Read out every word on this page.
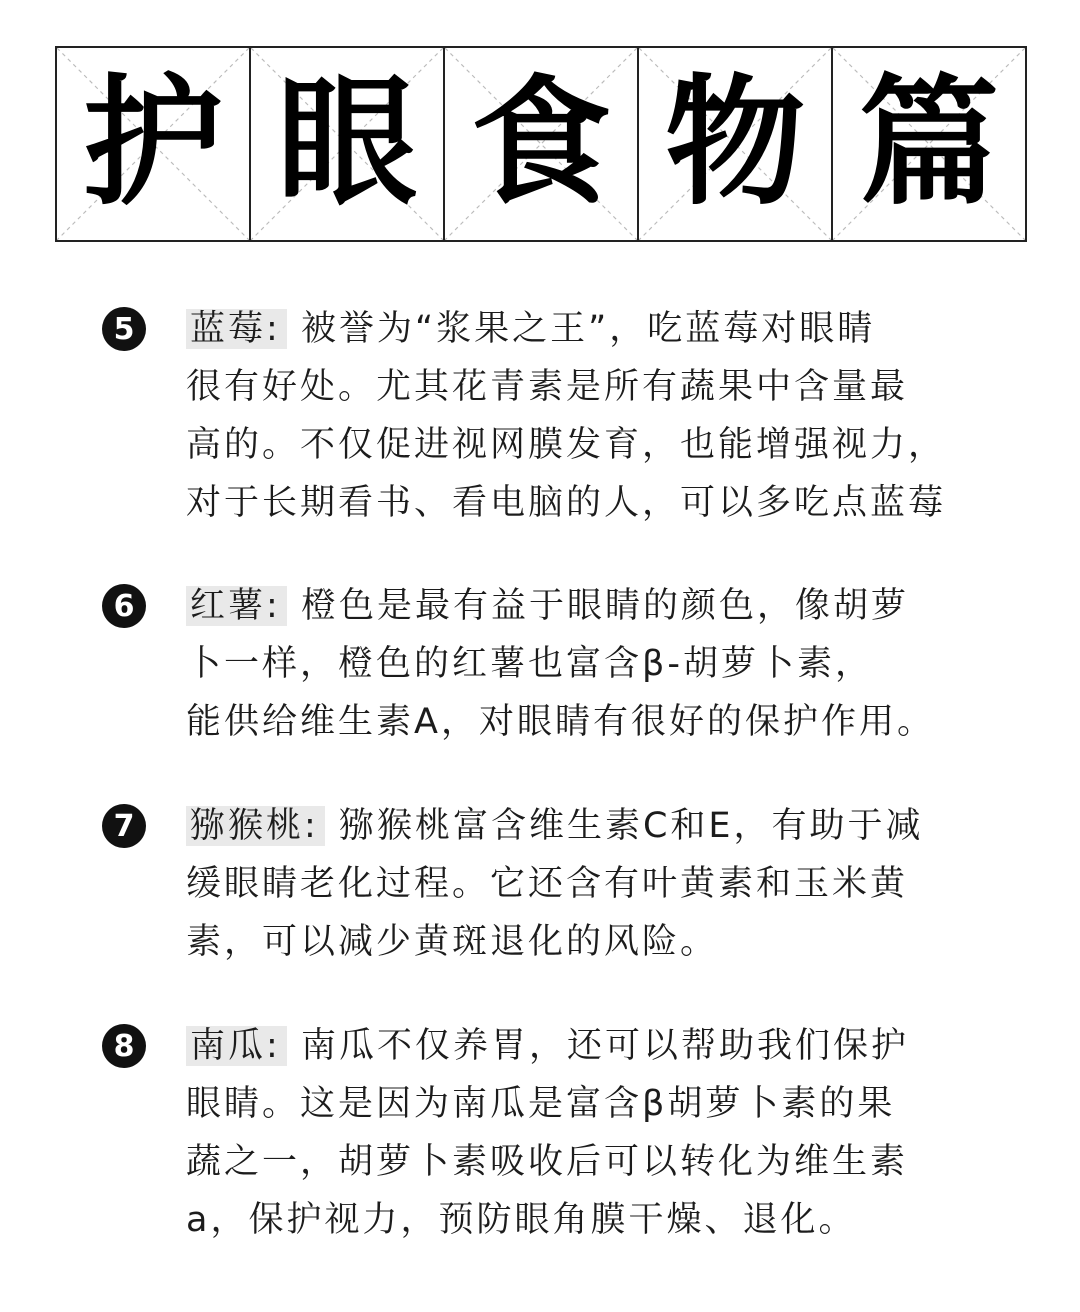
护 眼 食 物 篇
5	蓝莓: 被誉为“浆果之王”，吃蓝莓对眼睛
很有好处。尤其花青素是所有蔬果中含量最
高的。不仅促进视网膜发育，也能增强视力，
对于长期看书、看电脑的人，可以多吃点蓝莓
6	红薯: 橙色是最有益于眼睛的颜色，像胡萝
卜一样，橙色的红薯也富含β-胡萝卜素，
能供给维生素A，对眼睛有很好的保护作用。
7	猕猴桃: 猕猴桃富含维生素C和E，有助于减
缓眼睛老化过程。它还含有叶黄素和玉米黄
素，可以减少黄斑退化的风险。
8	南瓜: 南瓜不仅养胃，还可以帮助我们保护
眼睛。这是因为南瓜是富含β胡萝卜素的果
蔬之一，胡萝卜素吸收后可以转化为维生素
a，保护视力，预防眼角膜干燥、退化。
